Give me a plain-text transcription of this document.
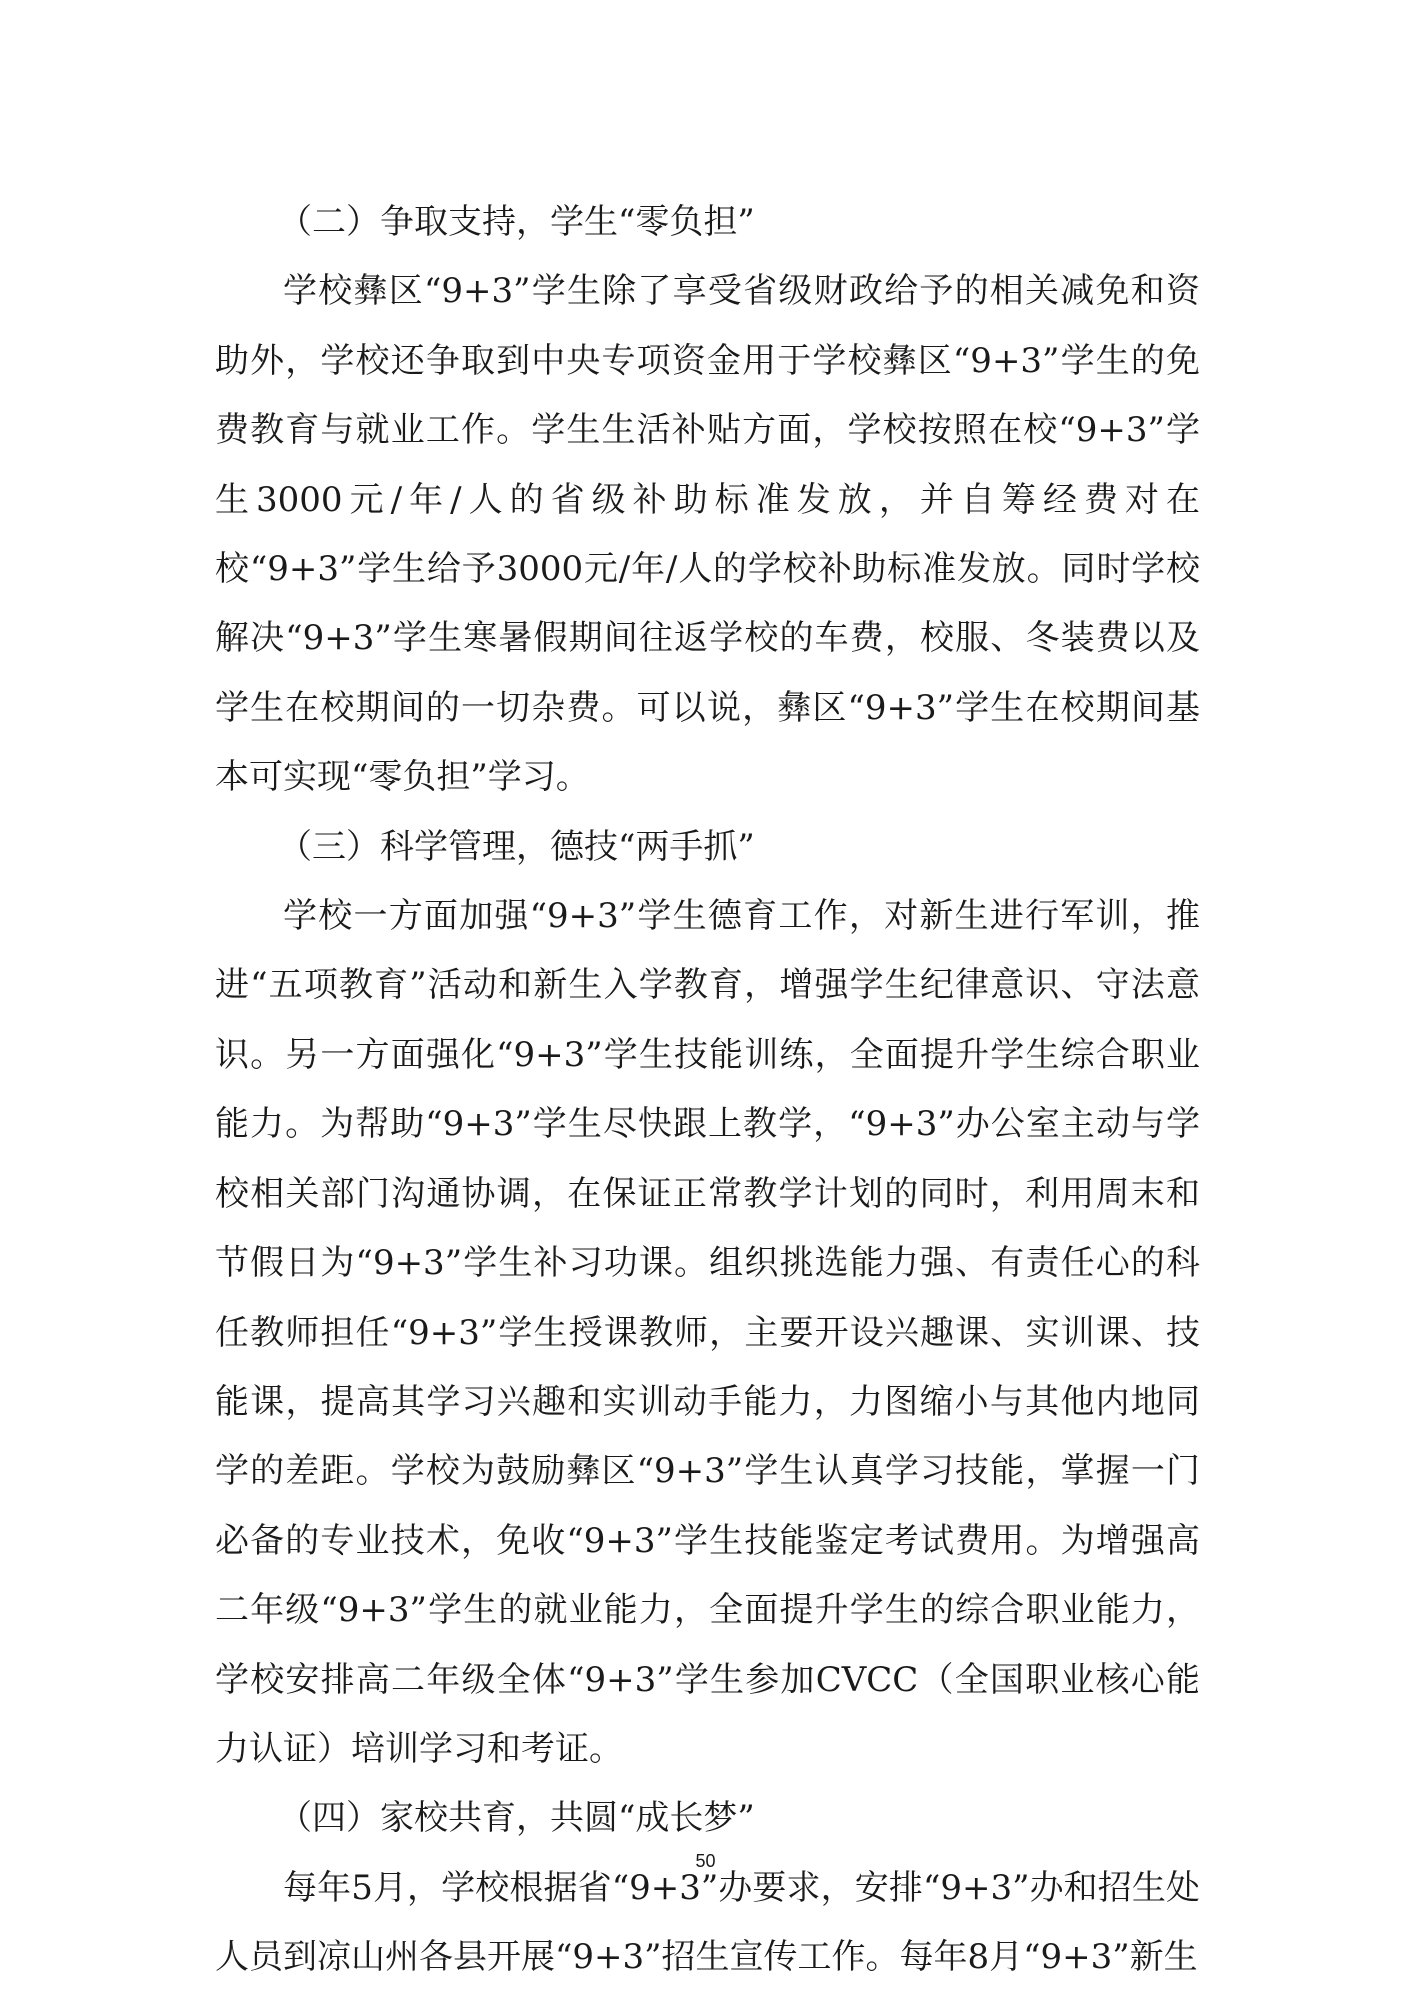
（二）争取支持，学生“零负担”

学校彝区“9+3”学生除了享受省级财政给予的相关减免和资助外，学校还争取到中央专项资金用于学校彝区“9+3”学生的免费教育与就业工作。学生生活补贴方面，学校按照在校“9+3”学生3000元/年/人的省级补助标准发放，并自筹经费对在校“9+3”学生给予3000元/年/人的学校补助标准发放。同时学校解决“9+3”学生寒暑假期间往返学校的车费，校服、冬装费以及学生在校期间的一切杂费。可以说，彝区“9+3”学生在校期间基本可实现“零负担”学习。

（三）科学管理，德技“两手抓”

学校一方面加强“9+3”学生德育工作，对新生进行军训，推进“五项教育”活动和新生入学教育，增强学生纪律意识、守法意识。另一方面强化“9+3”学生技能训练，全面提升学生综合职业能力。为帮助“9+3”学生尽快跟上教学，“9+3”办公室主动与学校相关部门沟通协调，在保证正常教学计划的同时，利用周末和节假日为“9+3”学生补习功课。组织挑选能力强、有责任心的科任教师担任“9+3”学生授课教师，主要开设兴趣课、实训课、技能课，提高其学习兴趣和实训动手能力，力图缩小与其他内地同学的差距。学校为鼓励彝区“9+3”学生认真学习技能，掌握一门必备的专业技术，免收“9+3”学生技能鉴定考试费用。为增强高二年级“9+3”学生的就业能力，全面提升学生的综合职业能力，学校安排高二年级全体“9+3”学生参加CVCC（全国职业核心能力认证）培训学习和考证。

（四）家校共育，共圆“成长梦”

每年5月，学校根据省“9+3”办要求，安排“9+3”办和招生处人员到凉山州各县开展“9+3”招生宣传工作。每年8月“9+3”新生

50
